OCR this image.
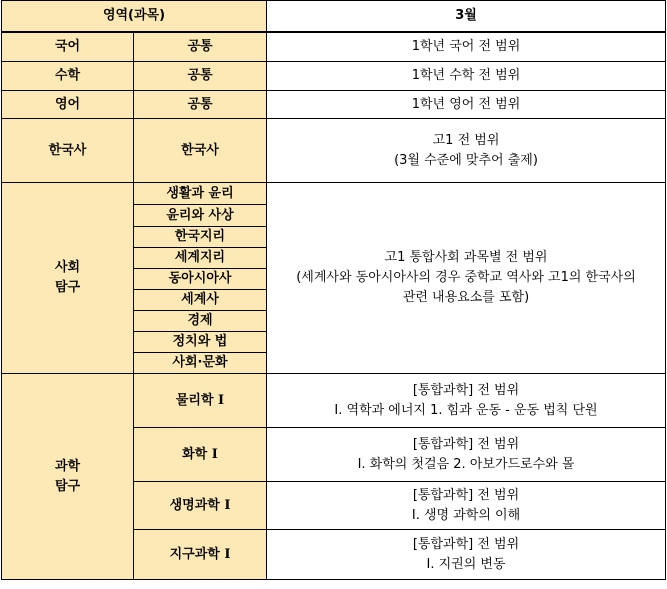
영역(과목)		3월
국어	공통	1학년 국어 전 범위
수학	공통	1학년 수학 전 범위
영어	공통	1학년 영어 전 범위
한국사	한국사	고1 전 범위
(3월 수준에 맞추어 출제)

사회
탐구	생활과 윤리	고1 통합사회 과목별 전 범위
(세계사와 동아시아사의 경우 중학교 역사와 고1의 한국사의
관련 내용요소를 포함)

	윤리와 사상	
	한국지리	
	세계지리	
	동아시아사	
	세계사	
	경제	
	정치와 법	
	사회·문화	

과학
탐구	물리학 Ⅰ	[통합과학] 전 범위
Ⅰ. 역학과 에너지 1. 힘과 운동 - 운동 법칙 단원

	화학 Ⅰ	[통합과학] 전 범위
Ⅰ. 화학의 첫걸음 2. 아보가드로수와 몰

	생명과학 Ⅰ	[통합과학] 전 범위
Ⅰ. 생명 과학의 이해

	지구과학 Ⅰ	[통합과학] 전 범위
Ⅰ. 지권의 변동
